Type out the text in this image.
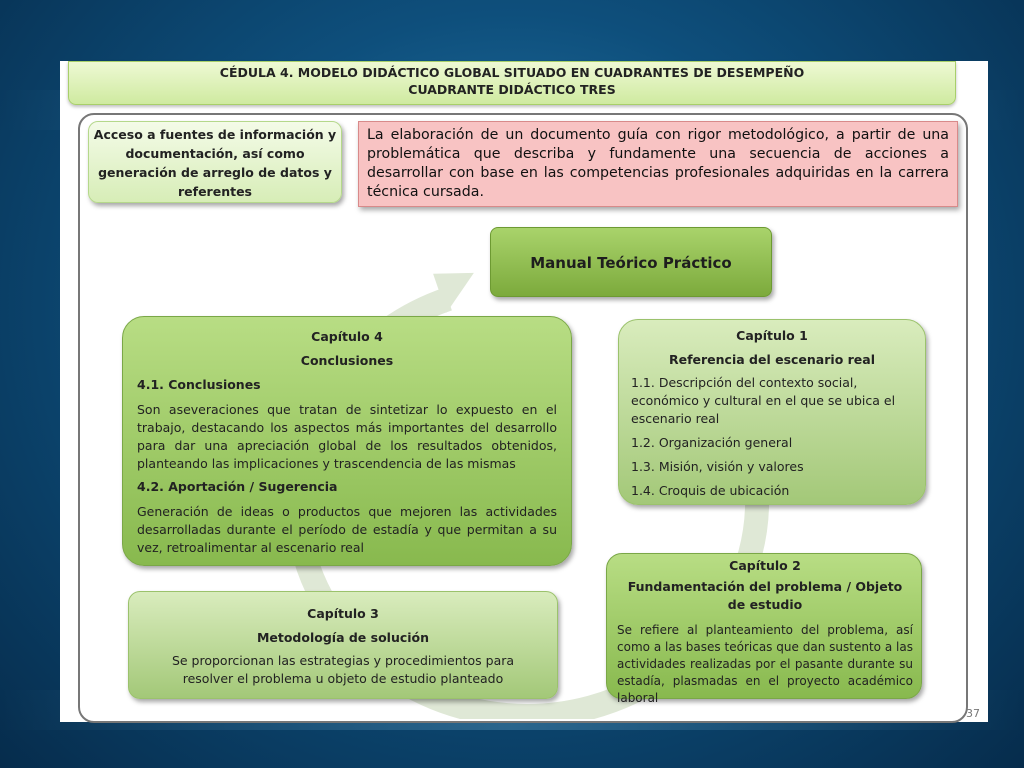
CÉDULA 4. MODELO DIDÁCTICO GLOBAL SITUADO EN CUADRANTES DE DESEMPEÑO
CUADRANTE DIDÁCTICO TRES
Acceso a fuentes de información y
documentación, así como
generación de arreglo de datos y
referentes
La elaboración de un documento guía con rigor metodológico, a partir de una problemática que describa y fundamente una secuencia de acciones a desarrollar con base en las competencias profesionales adquiridas en la carrera técnica cursada.
Manual Teórico Práctico
Capítulo 4
Conclusiones
4.1. Conclusiones
Son aseveraciones que tratan de sintetizar lo expuesto en el trabajo, destacando los aspectos más importantes del desarrollo para dar una apreciación global de los resultados obtenidos, planteando las implicaciones y trascendencia de las mismas
4.2. Aportación / Sugerencia
Generación de ideas o productos que mejoren las actividades desarrolladas durante el período de estadía y que permitan a su vez, retroalimentar al escenario real
Capítulo 1
Referencia del escenario real
1.1. Descripción del contexto social, económico y cultural en el que se ubica el escenario real
1.2. Organización general
1.3. Misión, visión y valores
1.4. Croquis de ubicación
Capítulo 2
Fundamentación del problema / Objeto de estudio
Se refiere al planteamiento del problema, así como a las bases teóricas que dan sustento a las actividades realizadas por el pasante durante su estadía, plasmadas en el proyecto académico laboral
Capítulo 3
Metodología de solución
Se proporcionan las estrategias y procedimientos para resolver el problema u objeto de estudio planteado
37
